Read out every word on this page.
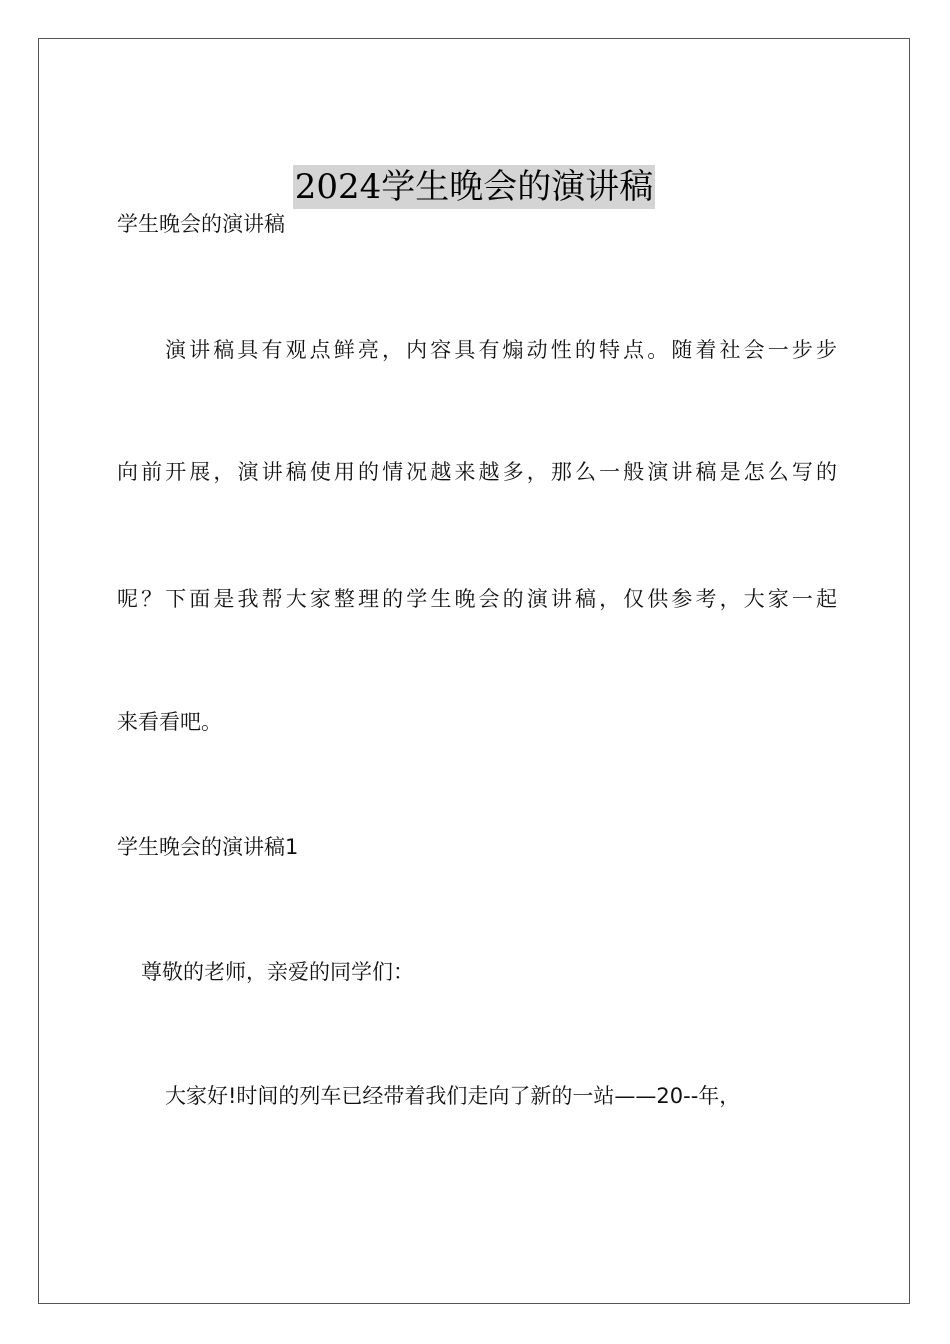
2024学生晚会的演讲稿

学生晚会的演讲稿

演讲稿具有观点鲜亮，内容具有煽动性的特点。随着社会一步步

向前开展，演讲稿使用的情况越来越多，那么一般演讲稿是怎么写的

呢？下面是我帮大家整理的学生晚会的演讲稿，仅供参考，大家一起

来看看吧。

学生晚会的演讲稿1

尊敬的老师，亲爱的同学们：

大家好!时间的列车已经带着我们走向了新的一站——20--年，
